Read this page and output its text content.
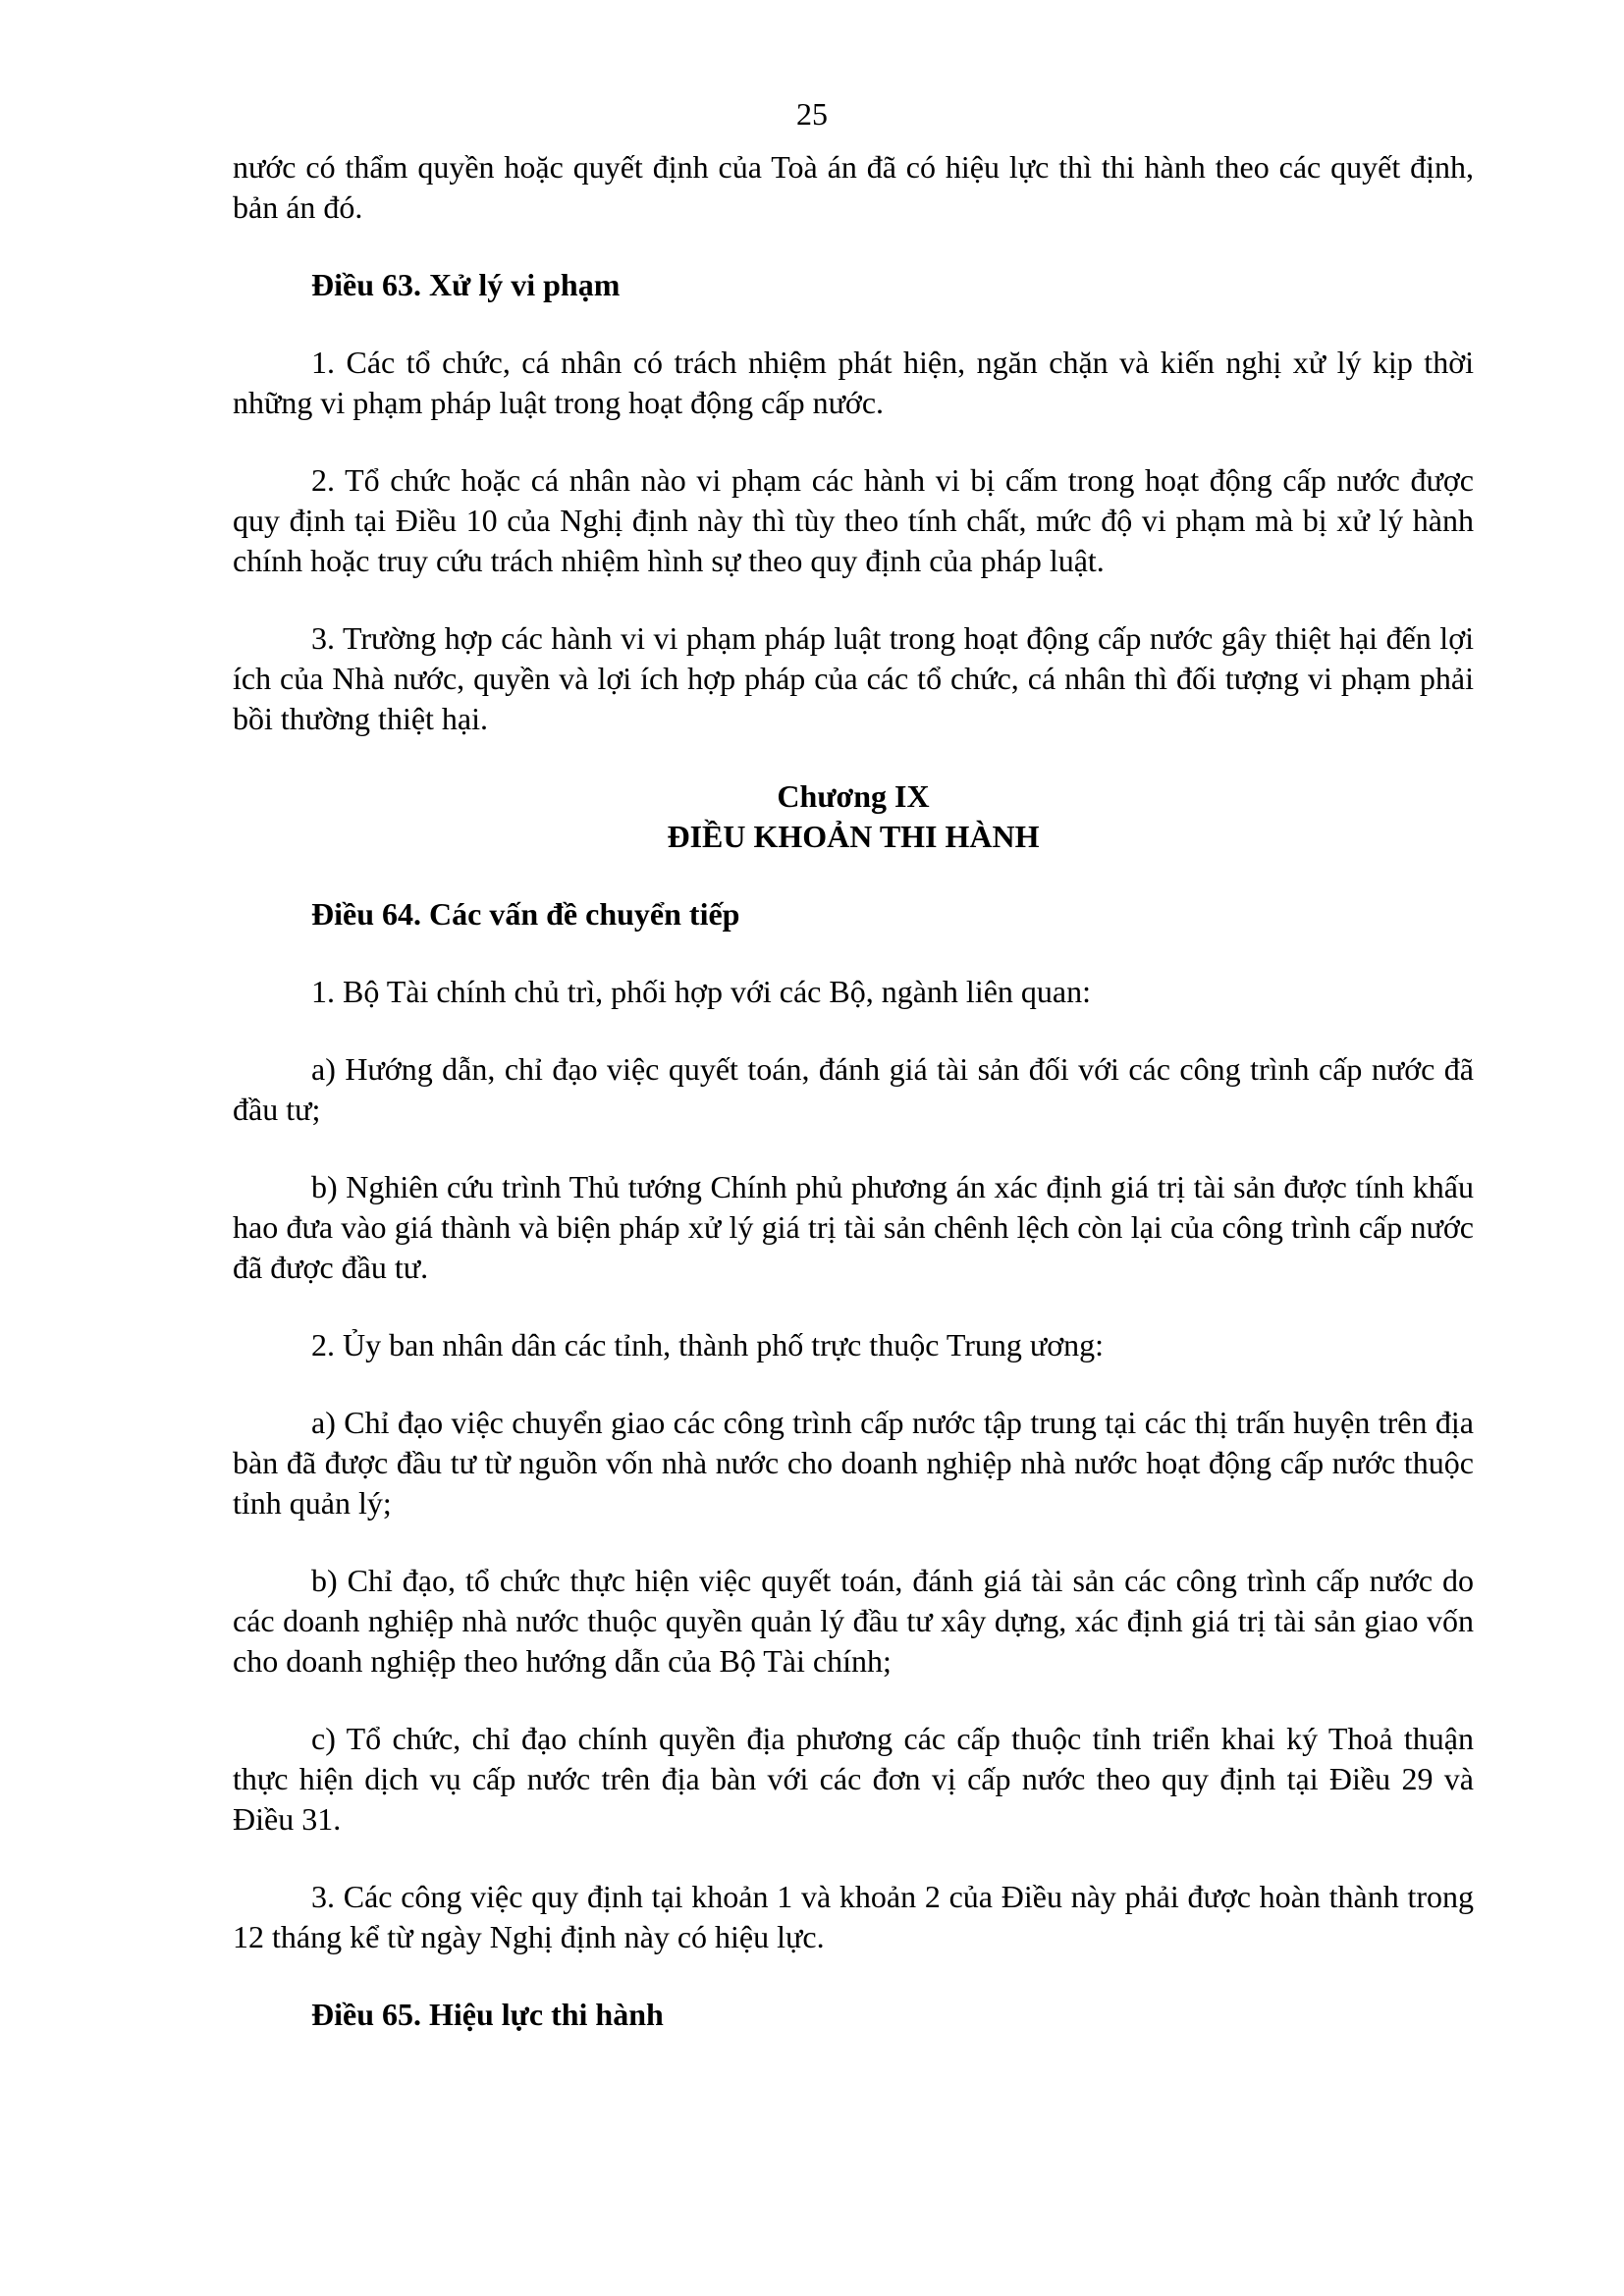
25

nước có thẩm quyền hoặc quyết định của Toà án đã có hiệu lực thì thi hành theo các quyết định, bản án đó.

Điều 63. Xử lý vi phạm

1. Các tổ chức, cá nhân có trách nhiệm phát hiện, ngăn chặn và kiến nghị xử lý kịp thời những vi phạm pháp luật trong hoạt động cấp nước.

2. Tổ chức hoặc cá nhân nào vi phạm các hành vi bị cấm trong hoạt động cấp nước được quy định tại Điều 10 của Nghị định này thì tùy theo tính chất, mức độ vi phạm mà bị xử lý hành chính hoặc truy cứu trách nhiệm hình sự theo quy định của pháp luật.

3. Trường hợp các hành vi vi phạm pháp luật trong hoạt động cấp nước gây thiệt hại đến lợi ích của Nhà nước, quyền và lợi ích hợp pháp của các tổ chức, cá nhân thì đối tượng vi phạm phải bồi thường thiệt hại.

Chương IX

ĐIỀU KHOẢN THI HÀNH

Điều 64. Các vấn đề chuyển tiếp

1. Bộ Tài chính chủ trì, phối hợp với các Bộ, ngành liên quan:

a) Hướng dẫn, chỉ đạo việc quyết toán, đánh giá tài sản đối với các công trình cấp nước đã đầu tư;

b) Nghiên cứu trình Thủ tướng Chính phủ phương án xác định giá trị tài sản được tính khấu hao đưa vào giá thành và biện pháp xử lý giá trị tài sản chênh lệch còn lại của công trình cấp nước đã được đầu tư.

2. Ủy ban nhân dân các tỉnh, thành phố trực thuộc Trung ương:

a) Chỉ đạo việc chuyển giao các công trình cấp nước tập trung tại các thị trấn huyện trên địa bàn đã được đầu tư từ nguồn vốn nhà nước cho doanh nghiệp nhà nước hoạt động cấp nước thuộc tỉnh quản lý;

b) Chỉ đạo, tổ chức thực hiện việc quyết toán, đánh giá tài sản các công trình cấp nước do các doanh nghiệp nhà nước thuộc quyền quản lý đầu tư xây dựng, xác định giá trị tài sản giao vốn cho doanh nghiệp theo hướng dẫn của Bộ Tài chính;

c) Tổ chức, chỉ đạo chính quyền địa phương các cấp thuộc tỉnh triển khai ký Thoả thuận thực hiện dịch vụ cấp nước trên địa bàn với các đơn vị cấp nước theo quy định tại Điều 29 và Điều 31.

3. Các công việc quy định tại khoản 1 và khoản 2 của Điều này phải được hoàn thành trong 12 tháng kể từ ngày Nghị định này có hiệu lực.

Điều 65. Hiệu lực thi hành
